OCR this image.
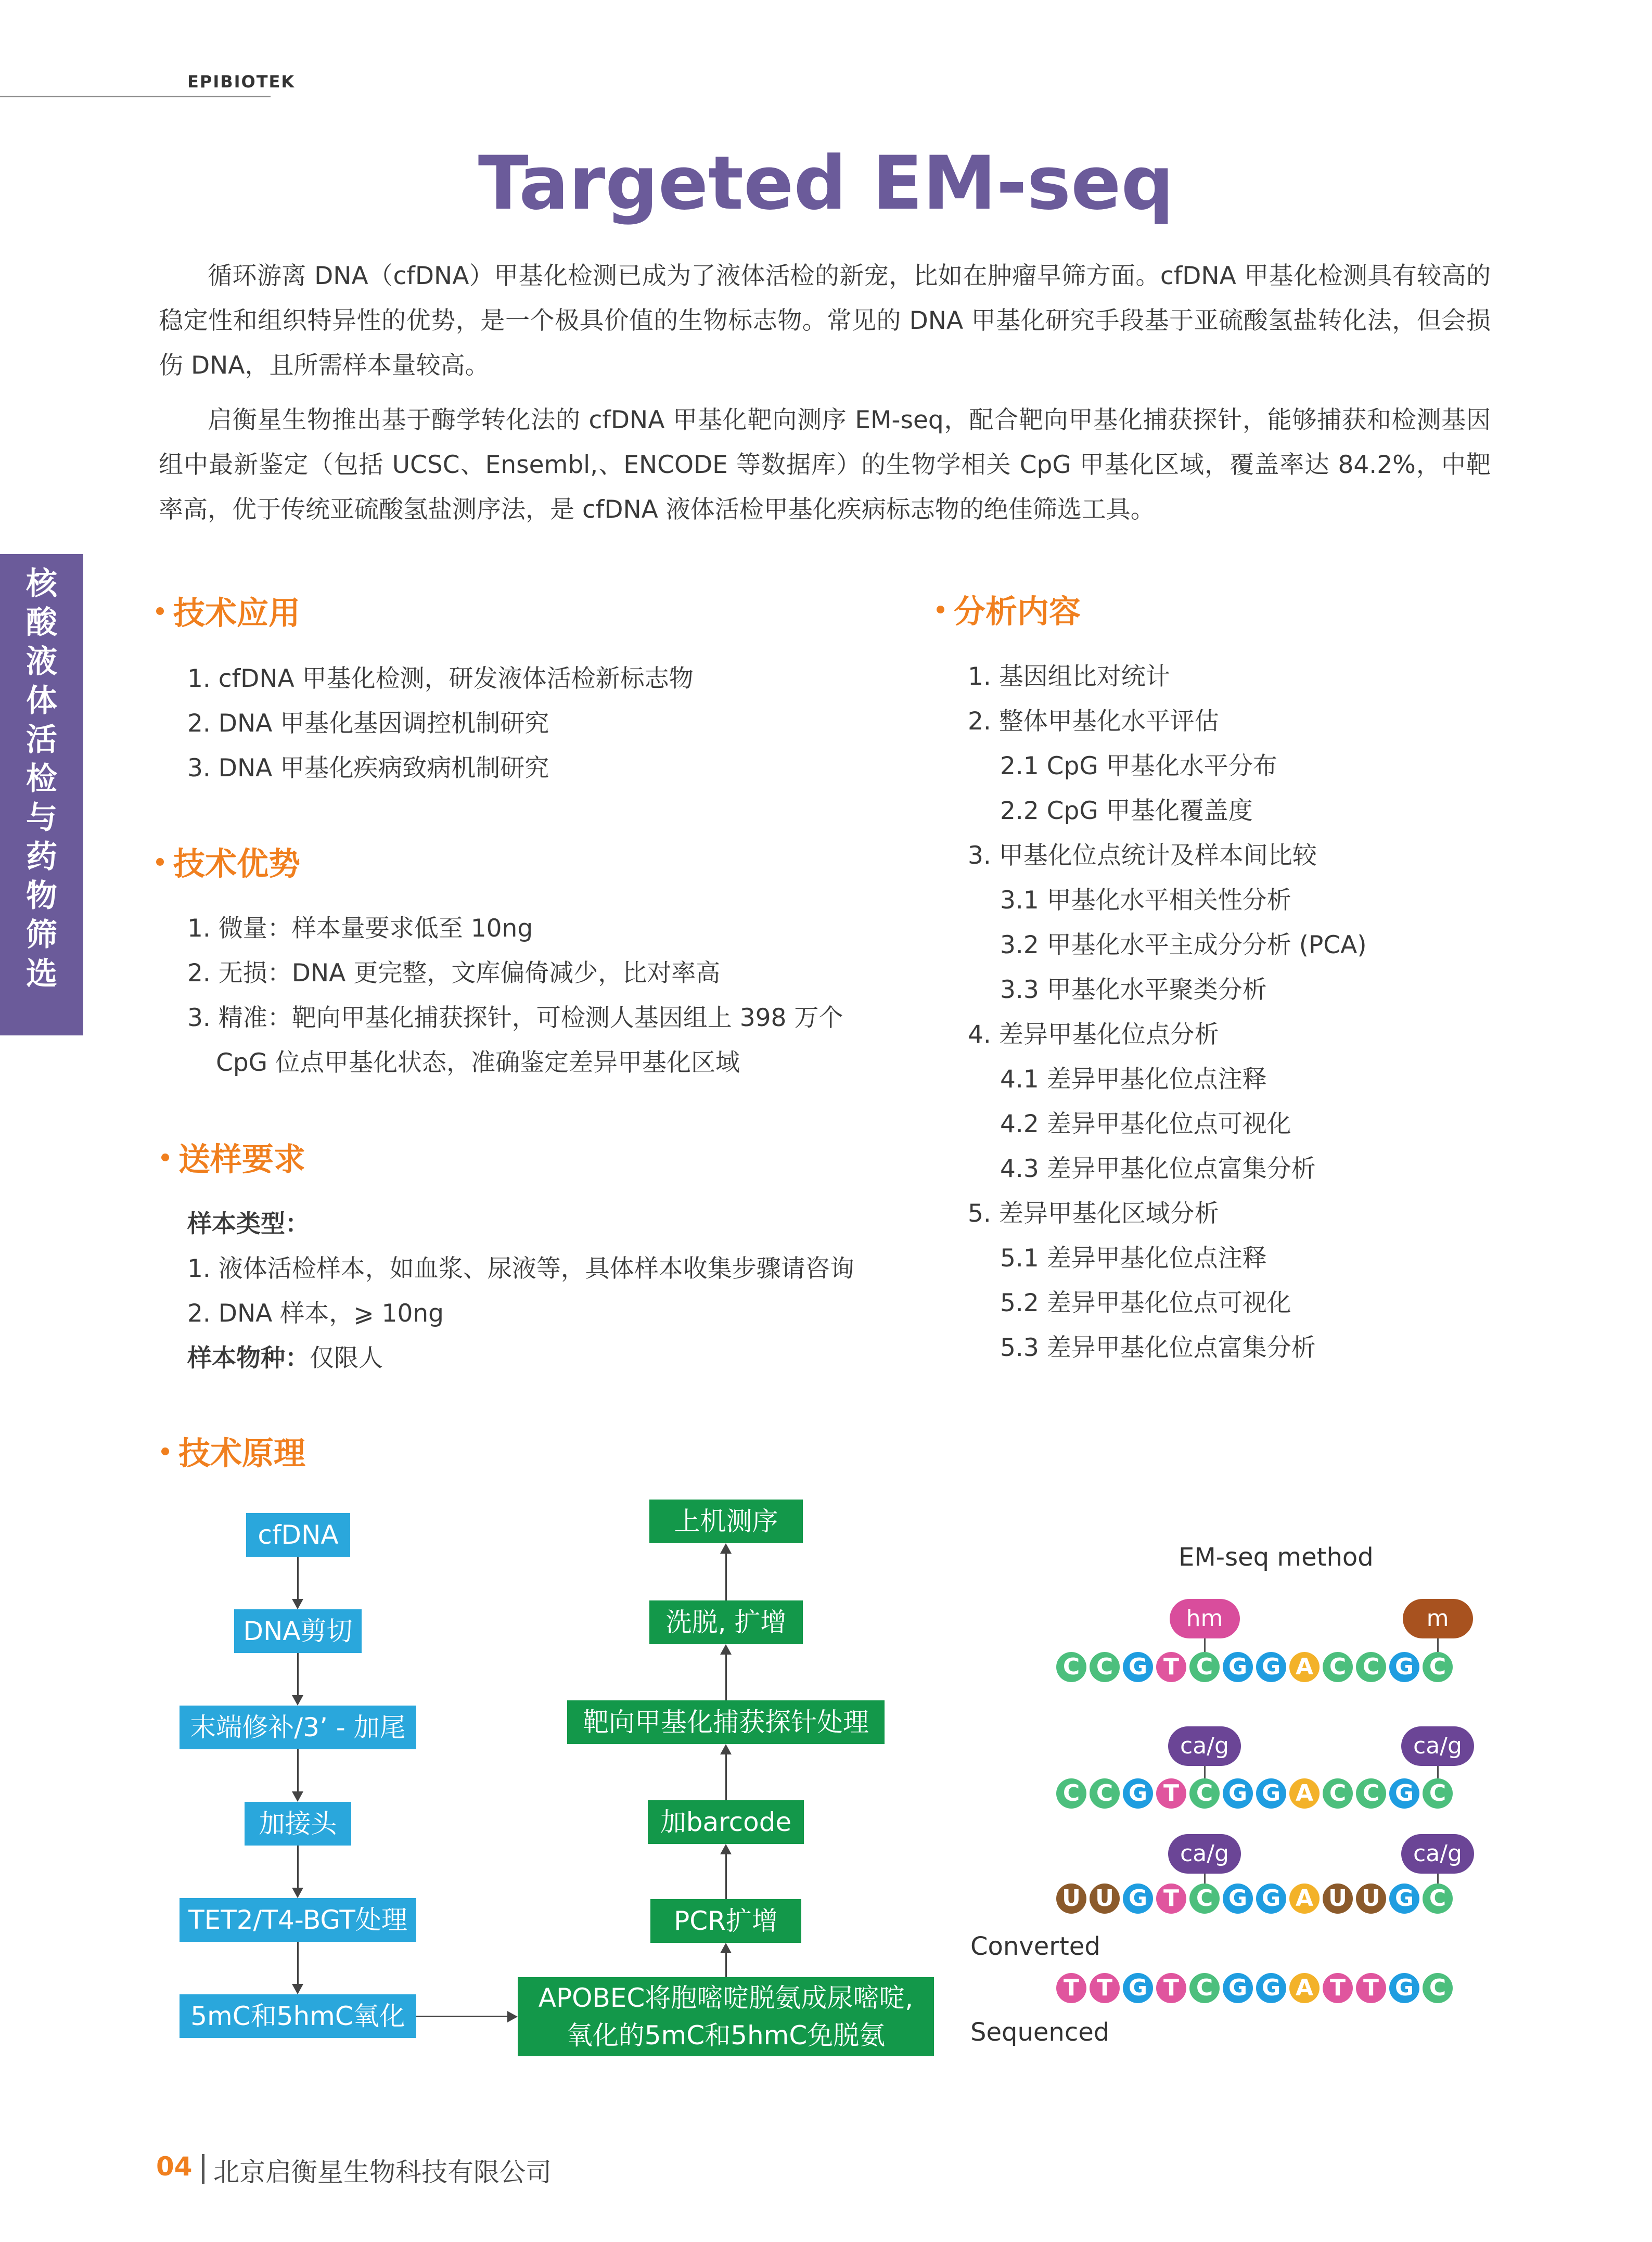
EPIBIOTEK
Targeted EM-seq
循环游离 DNA（cfDNA）甲基化检测已成为了液体活检的新宠，比如在肿瘤早筛方面。cfDNA 甲基化检测具有较高的稳定性和组织特异性的优势，是一个极具价值的生物标志物。常见的 DNA 甲基化研究手段基于亚硫酸氢盐转化法，但会损伤 DNA，且所需样本量较高。
启衡星生物推出基于酶学转化法的 cfDNA 甲基化靶向测序 EM-seq，配合靶向甲基化捕获探针，能够捕获和检测基因组中最新鉴定（包括 UCSC、Ensembl,、ENCODE 等数据库）的生物学相关 CpG 甲基化区域，覆盖率达 84.2%，中靶率高，优于传统亚硫酸氢盐测序法，是 cfDNA 液体活检甲基化疾病标志物的绝佳筛选工具。
核
酸
液
体
活
检
与
药
物
筛
选
技术应用
1. cfDNA 甲基化检测，研发液体活检新标志物
2. DNA 甲基化基因调控机制研究
3. DNA 甲基化疾病致病机制研究
技术优势
1. 微量：样本量要求低至 10ng
2. 无损：DNA 更完整，文库偏倚减少，比对率高
3. 精准：靶向甲基化捕获探针，可检测人基因组上 398 万个
CpG 位点甲基化状态，准确鉴定差异甲基化区域
送样要求
样本类型：
1. 液体活检样本，如血浆、尿液等，具体样本收集步骤请咨询
2. DNA 样本，⩾ 10ng
样本物种：仅限人
分析内容
1. 基因组比对统计
2. 整体甲基化水平评估
2.1 CpG 甲基化水平分布
2.2 CpG 甲基化覆盖度
3. 甲基化位点统计及样本间比较
3.1 甲基化水平相关性分析
3.2 甲基化水平主成分分析 (PCA)
3.3 甲基化水平聚类分析
4. 差异甲基化位点分析
4.1 差异甲基化位点注释
4.2 差异甲基化位点可视化
4.3 差异甲基化位点富集分析
5. 差异甲基化区域分析
5.1 差异甲基化位点注释
5.2 差异甲基化位点可视化
5.3 差异甲基化位点富集分析
技术原理
cfDNA
DNA剪切
末端修补/3’ - 加尾
加接头
TET2/T4-BGT处理
5mC和5hmC氧化
APOBEC将胞嘧啶脱氨成尿嘧啶,
氧化的5mC和5hmC免脱氨
PCR扩增
加barcode
靶向甲基化捕获探针处理
洗脱, 扩增
上机测序
EM-seq method
hm	m
C C G T C G G A C C G C
ca/g	ca/g
C C G T C G G A C C G C
ca/g	ca/g
U U G T C G G A U U G C
T T G T C G G A T T G C
Converted
Sequenced
04 北京启衡星生物科技有限公司
